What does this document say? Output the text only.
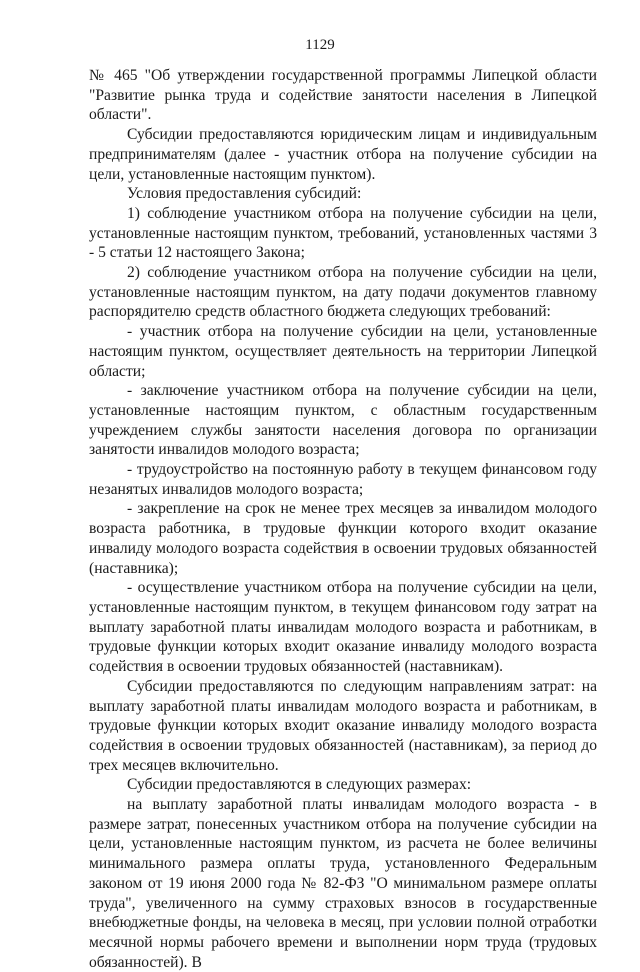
1129

№ 465 "Об утверждении государственной программы Липецкой области "Развитие рынка труда и содействие занятости населения в Липецкой области".

Субсидии предоставляются юридическим лицам и индивидуальным предпринимателям (далее - участник отбора на получение субсидии на цели, установленные настоящим пунктом).

Условия предоставления субсидий:

1) соблюдение участником отбора на получение субсидии на цели, установленные настоящим пунктом, требований, установленных частями 3 - 5 статьи 12 настоящего Закона;

2) соблюдение участником отбора на получение субсидии на цели, установленные настоящим пунктом, на дату подачи документов главному распорядителю средств областного бюджета следующих требований:

- участник отбора на получение субсидии на цели, установленные настоящим пунктом, осуществляет деятельность на территории Липецкой области;

- заключение участником отбора на получение субсидии на цели, установленные настоящим пунктом, с областным государственным учреждением службы занятости населения договора по организации занятости инвалидов молодого возраста;

- трудоустройство на постоянную работу в текущем финансовом году незанятых инвалидов молодого возраста;

- закрепление на срок не менее трех месяцев за инвалидом молодого возраста работника, в трудовые функции которого входит оказание инвалиду молодого возраста содействия в освоении трудовых обязанностей (наставника);

- осуществление участником отбора на получение субсидии на цели, установленные настоящим пунктом, в текущем финансовом году затрат на выплату заработной платы инвалидам молодого возраста и работникам, в трудовые функции которых входит оказание инвалиду молодого возраста содействия в освоении трудовых обязанностей (наставникам).

Субсидии предоставляются по следующим направлениям затрат: на выплату заработной платы инвалидам молодого возраста и работникам, в трудовые функции которых входит оказание инвалиду молодого возраста содействия в освоении трудовых обязанностей (наставникам), за период до трех месяцев включительно.

Субсидии предоставляются в следующих размерах:

на выплату заработной платы инвалидам молодого возраста - в размере затрат, понесенных участником отбора на получение субсидии на цели, установленные настоящим пунктом, из расчета не более величины минимального размера оплаты труда, установленного Федеральным законом от 19 июня 2000 года № 82-ФЗ "О минимальном размере оплаты труда", увеличенного на сумму страховых взносов в государственные внебюджетные фонды, на человека в месяц, при условии полной отработки месячной нормы рабочего времени и выполнении норм труда (трудовых обязанностей). В
